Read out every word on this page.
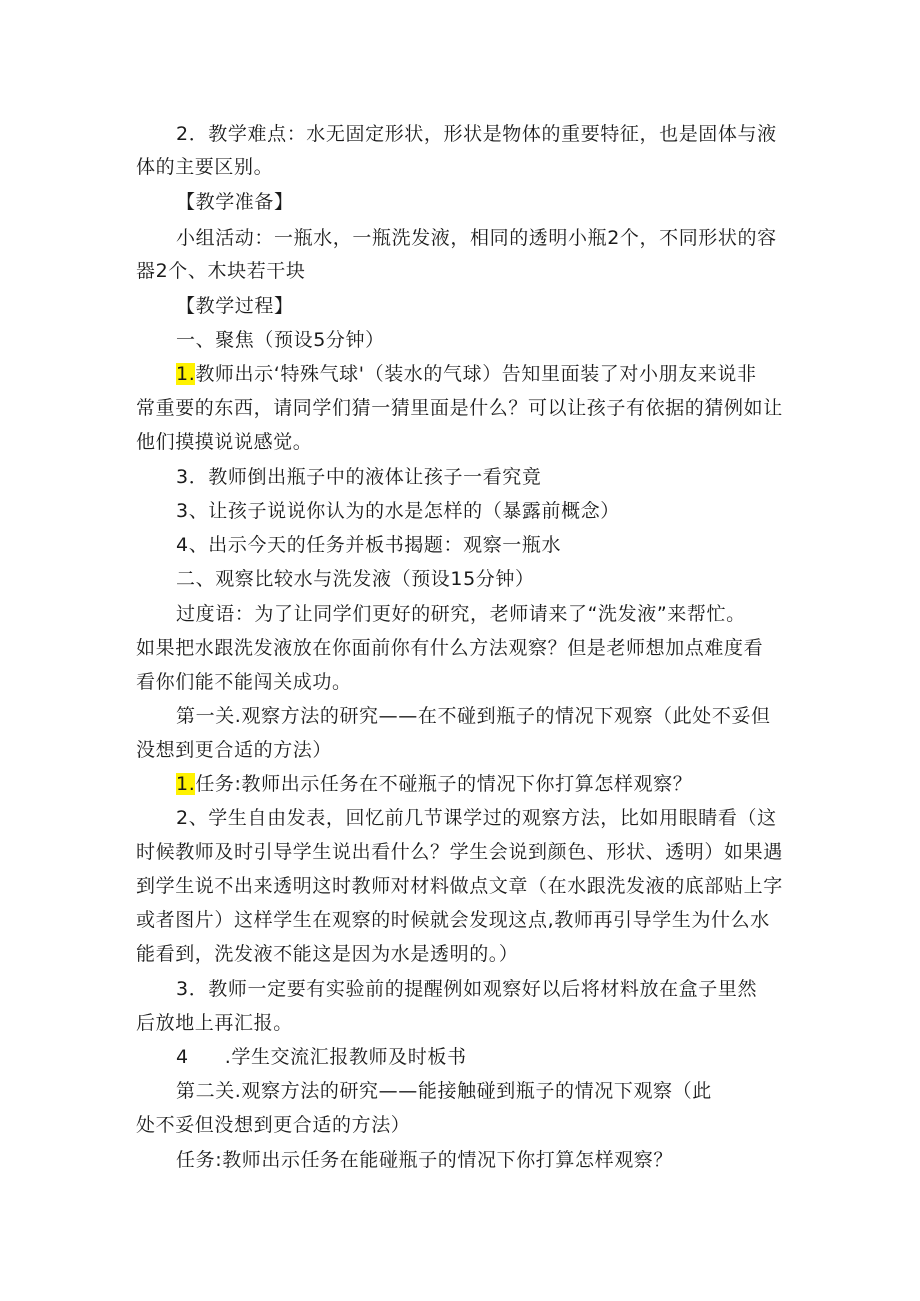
2．教学难点：水无固定形状，形状是物体的重要特征，也是固体与液
体的主要区别。
【教学准备】
小组活动：一瓶水，一瓶洗发液，相同的透明小瓶2个，不同形状的容
器2个、木块若干块
【教学过程】
一、聚焦（预设5分钟）
1.教师出示‘特殊气球'（装水的气球）告知里面装了对小朋友来说非
常重要的东西，请同学们猜一猜里面是什么？可以让孩子有依据的猜例如让
他们摸摸说说感觉。
3．教师倒出瓶子中的液体让孩子一看究竟
3、让孩子说说你认为的水是怎样的（暴露前概念）
4、出示今天的任务并板书揭题：观察一瓶水
二、观察比较水与洗发液（预设15分钟）
过度语：为了让同学们更好的研究，老师请来了“洗发液”来帮忙。
如果把水跟洗发液放在你面前你有什么方法观察？但是老师想加点难度看
看你们能不能闯关成功。
第一关.观察方法的研究——在不碰到瓶子的情况下观察（此处不妥但
没想到更合适的方法）
1.任务:教师出示任务在不碰瓶子的情况下你打算怎样观察？
2、学生自由发表，回忆前几节课学过的观察方法，比如用眼睛看（这
时候教师及时引导学生说出看什么？学生会说到颜色、形状、透明）如果遇
到学生说不出来透明这时教师对材料做点文章（在水跟洗发液的底部贴上字
或者图片）这样学生在观察的时候就会发现这点,教师再引导学生为什么水
能看到，洗发液不能这是因为水是透明的。）
3．教师一定要有实验前的提醒例如观察好以后将材料放在盒子里然
后放地上再汇报。
4 .学生交流汇报教师及时板书
第二关.观察方法的研究——能接触碰到瓶子的情况下观察（此
处不妥但没想到更合适的方法）
任务:教师出示任务在能碰瓶子的情况下你打算怎样观察？
